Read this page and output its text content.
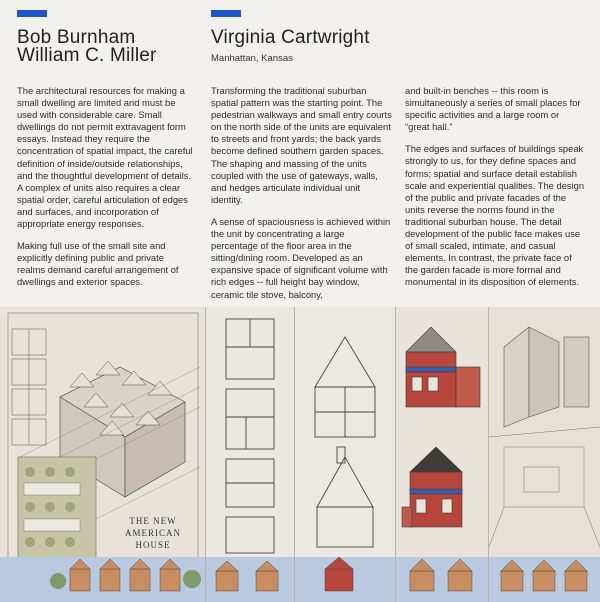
Bob Burnham
William C. Miller

The architectural resources for making a small dwelling are limited and must be used with considerable care. Small dwellings do not permit extravagent form essays. Instead they require the concentration of spatial impact, the careful definition of inside/outside relationships, and the thoughtful development of details. A complex of units also requires a clear spatial order, careful articulation of edges and surfaces, and incorporation of appropriate energy responses.

Making full use of the small site and explicitly defining public and private realms demand careful arrangement of dwellings and exterior spaces.

Virginia Cartwright
Manhattan, Kansas

Transforming the traditional suburban spatial pattern was the starting point. The pedestrian walkways and small entry courts on the north side of the units are equivalent to streets and front yards; the back yards become defined southern garden spaces. The shaping and massing of the units coupled with the use of gateways, walls, and hedges articulate individual unit identity.

A sense of spaciousness is achieved within the unit by concentrating a large percentage of the floor area in the sitting/dining room. Developed as an expansive space of significant volume with rich edges -- full height bay window, ceramic tile stove, balcony,

and built-in benches -- this room is simultaneously a series of small places for specific activities and a large room or “great hall.”

The edges and surfaces of buildings speak strongly to us, for they define spaces and forms; spatial and surface detail establish scale and experiential qualities. The design of the public and private facades of the units reverse the norms found in the traditional suburban house. The detail development of the public face makes use of small scaled, intimate, and casual elements. In contrast, the private face of the garden facade is more formal and monumental in its disposition of elements.

THE NEW
AMERICAN HOUSE
